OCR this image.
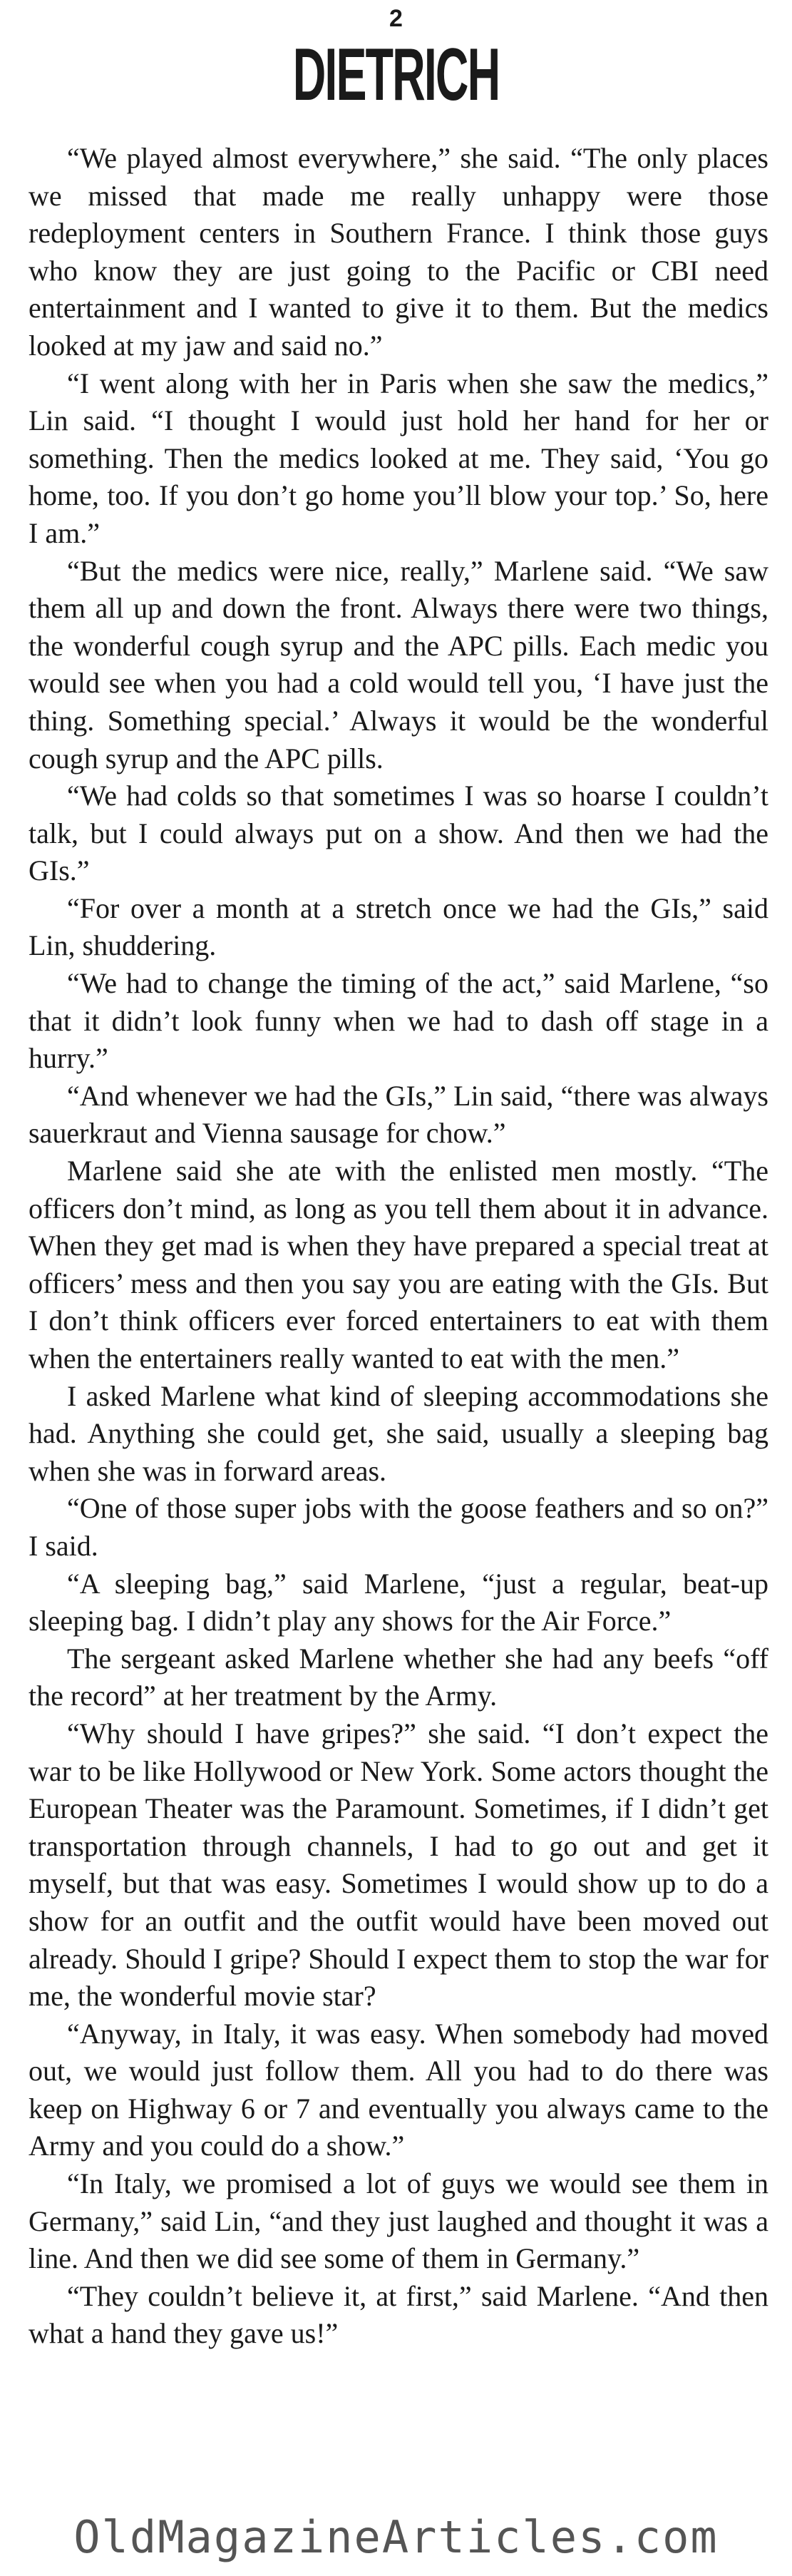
2
DIETRICH

“We played almost everywhere,” she said. “The only places we missed that made me really unhappy were those redeployment centers in Southern France. I think those guys who know they are just going to the Pacific or CBI need entertainment and I wanted to give it to them. But the medics looked at my jaw and said no.”

“I went along with her in Paris when she saw the medics,” Lin said. “I thought I would just hold her hand for her or something. Then the medics looked at me. They said, ‘You go home, too. If you don’t go home you’ll blow your top.’ So, here I am.”

“But the medics were nice, really,” Marlene said. “We saw them all up and down the front. Always there were two things, the wonderful cough syrup and the APC pills. Each medic you would see when you had a cold would tell you, ‘I have just the thing. Something special.’ Always it would be the wonderful cough syrup and the APC pills.

“We had colds so that sometimes I was so hoarse I couldn’t talk, but I could always put on a show. And then we had the GIs.”

“For over a month at a stretch once we had the GIs,” said Lin, shuddering.

“We had to change the timing of the act,” said Marlene, “so that it didn’t look funny when we had to dash off stage in a hurry.”

“And whenever we had the GIs,” Lin said, “there was always sauerkraut and Vienna sausage for chow.”

Marlene said she ate with the enlisted men mostly. “The officers don’t mind, as long as you tell them about it in advance. When they get mad is when they have prepared a special treat at officers’ mess and then you say you are eating with the GIs. But I don’t think officers ever forced entertainers to eat with them when the entertainers really wanted to eat with the men.”

I asked Marlene what kind of sleeping accommodations she had. Anything she could get, she said, usually a sleeping bag when she was in forward areas.

“One of those super jobs with the goose feathers and so on?” I said.

“A sleeping bag,” said Marlene, “just a regular, beat-up sleeping bag. I didn’t play any shows for the Air Force.”

The sergeant asked Marlene whether she had any beefs “off the record” at her treatment by the Army.

“Why should I have gripes?” she said. “I don’t expect the war to be like Hollywood or New York. Some actors thought the European Theater was the Paramount. Sometimes, if I didn’t get transportation through channels, I had to go out and get it myself, but that was easy. Sometimes I would show up to do a show for an outfit and the outfit would have been moved out already. Should I gripe? Should I expect them to stop the war for me, the wonderful movie star?

“Anyway, in Italy, it was easy. When somebody had moved out, we would just follow them. All you had to do there was keep on Highway 6 or 7 and eventually you always came to the Army and you could do a show.”

“In Italy, we promised a lot of guys we would see them in Germany,” said Lin, “and they just laughed and thought it was a line. And then we did see some of them in Germany.”

“They couldn’t believe it, at first,” said Marlene. “And then what a hand they gave us!”

OldMagazineArticles.com
